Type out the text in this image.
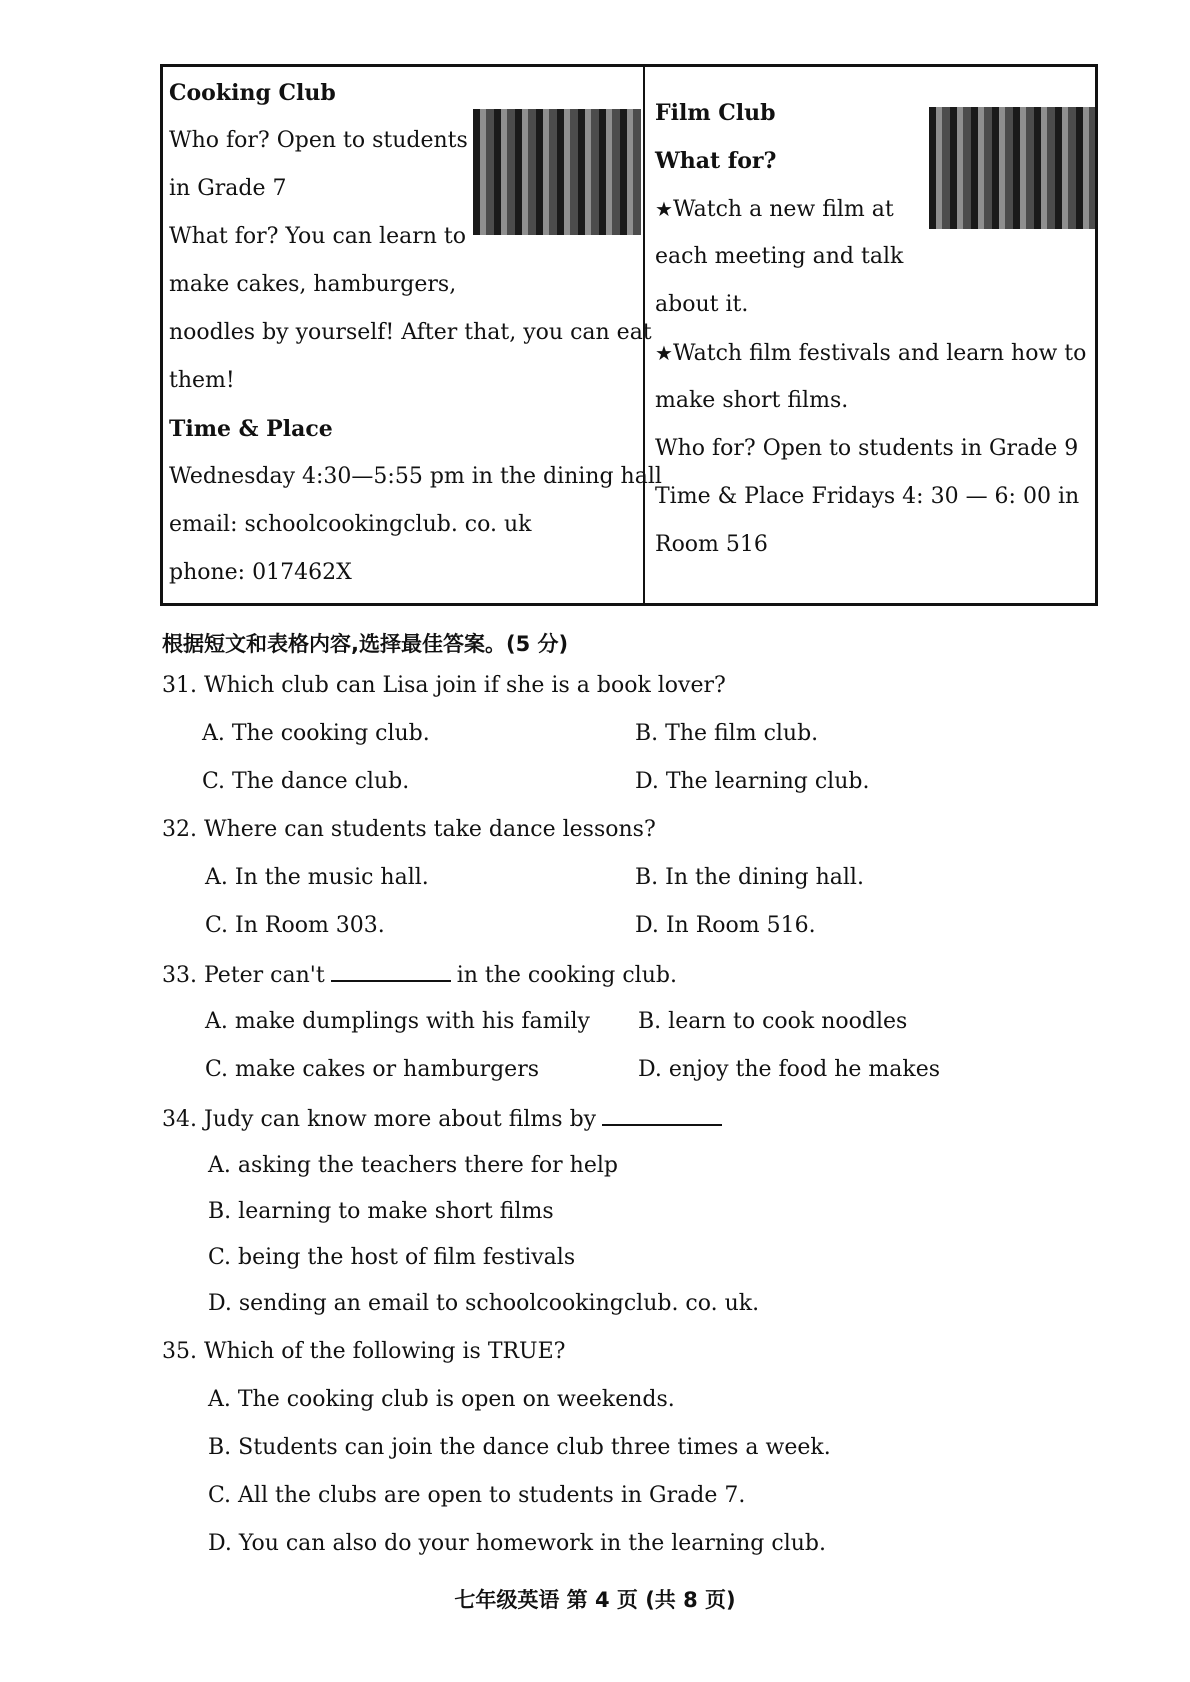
Cooking Club
Who for? Open to students
in Grade 7
What for? You can learn to
make cakes, hamburgers,
noodles by yourself! After that, you can eat
them!
Time & Place
Wednesday 4:30—5:55 pm in the dining hall
email: schoolcookingclub. co. uk
phone: 017462X
Film Club
What for?
★Watch a new film at
each meeting and talk
about it.
★Watch film festivals and learn how to
make short films.
Who for? Open to students in Grade 9
Time & Place Fridays 4: 30 — 6: 00 in
Room 516
根据短文和表格内容,选择最佳答案。(5 分)
31. Which club can Lisa join if she is a book lover?
A. The cooking club.	B. The film club.
C. The dance club.	D. The learning club.
32. Where can students take dance lessons?
A. In the music hall.	B. In the dining hall.
C. In Room 303.	D. In Room 516.
33. Peter can't	in the cooking club.
A. make dumplings with his family B. learn to cook noodles
C. make cakes or hamburgers	D. enjoy the food he makes
34. Judy can know more about films by
A. asking the teachers there for help
B. learning to make short films
C. being the host of film festivals
D. sending an email to schoolcookingclub. co. uk.
35. Which of the following is TRUE?
A. The cooking club is open on weekends.
B. Students can join the dance club three times a week.
C. All the clubs are open to students in Grade 7.
D. You can also do your homework in the learning club.
七年级英语 第 4 页 (共 8 页)
